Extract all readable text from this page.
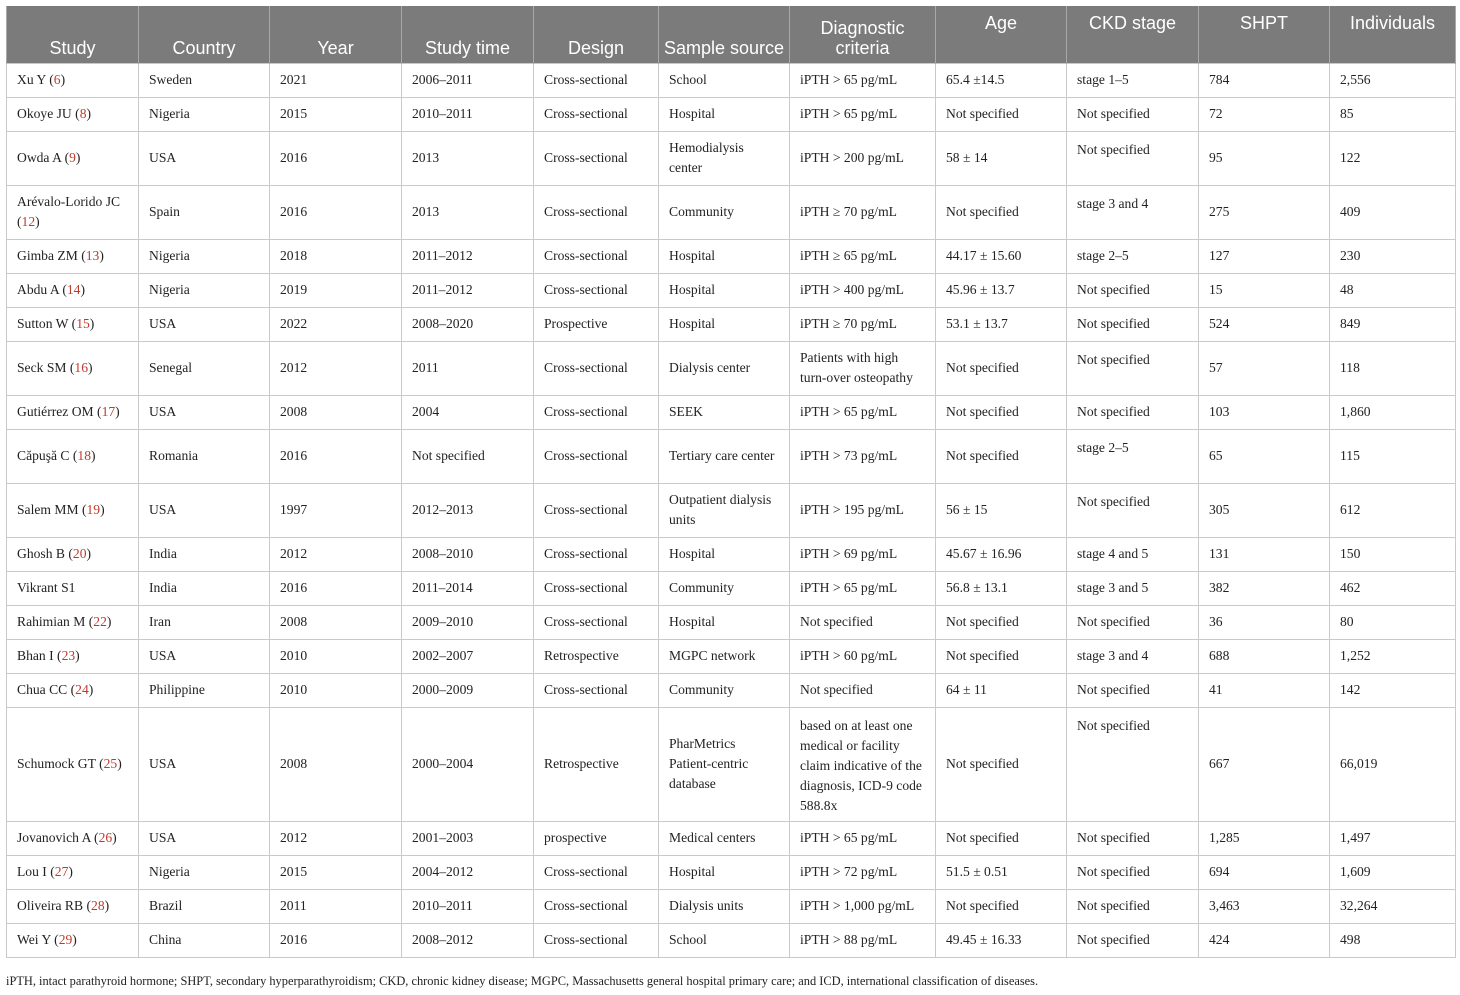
Study	Country	Year	Study time	Design	Sample source	Diagnostic criteria	Age	CKD stage	SHPT	Individuals
Xu Y (6)	Sweden	2021	2006–2011	Cross-sectional	School	iPTH > 65 pg/mL	65.4 ±14.5	stage 1–5	784	2,556
Okoye JU (8)	Nigeria	2015	2010–2011	Cross-sectional	Hospital	iPTH > 65 pg/mL	Not specified	Not specified	72	85
Owda A (9)	USA	2016	2013	Cross-sectional	Hemodialysis center	iPTH > 200 pg/mL	58 ± 14	Not specified	95	122
Arévalo-Lorido JC (12)	Spain	2016	2013	Cross-sectional	Community	iPTH ≥ 70 pg/mL	Not specified	stage 3 and 4	275	409
Gimba ZM (13)	Nigeria	2018	2011–2012	Cross-sectional	Hospital	iPTH ≥ 65 pg/mL	44.17 ± 15.60	stage 2–5	127	230
Abdu A (14)	Nigeria	2019	2011–2012	Cross-sectional	Hospital	iPTH > 400 pg/mL	45.96 ± 13.7	Not specified	15	48
Sutton W (15)	USA	2022	2008–2020	Prospective	Hospital	iPTH ≥ 70 pg/mL	53.1 ± 13.7	Not specified	524	849
Seck SM (16)	Senegal	2012	2011	Cross-sectional	Dialysis center	Patients with high turn-over osteopathy	Not specified	Not specified	57	118
Gutiérrez OM (17)	USA	2008	2004	Cross-sectional	SEEK	iPTH > 65 pg/mL	Not specified	Not specified	103	1,860
Căpuşă C (18)	Romania	2016	Not specified	Cross-sectional	Tertiary care center	iPTH > 73 pg/mL	Not specified	stage 2–5	65	115
Salem MM (19)	USA	1997	2012–2013	Cross-sectional	Outpatient dialysis units	iPTH > 195 pg/mL	56 ± 15	Not specified	305	612
Ghosh B (20)	India	2012	2008–2010	Cross-sectional	Hospital	iPTH > 69 pg/mL	45.67 ± 16.96	stage 4 and 5	131	150
Vikrant S1	India	2016	2011–2014	Cross-sectional	Community	iPTH > 65 pg/mL	56.8 ± 13.1	stage 3 and 5	382	462
Rahimian M (22)	Iran	2008	2009–2010	Cross-sectional	Hospital	Not specified	Not specified	Not specified	36	80
Bhan I (23)	USA	2010	2002–2007	Retrospective	MGPC network	iPTH > 60 pg/mL	Not specified	stage 3 and 4	688	1,252
Chua CC (24)	Philippine	2010	2000–2009	Cross-sectional	Community	Not specified	64 ± 11	Not specified	41	142
Schumock GT (25)	USA	2008	2000–2004	Retrospective	PharMetrics Patient-centric database	based on at least one medical or facility claim indicative of the diagnosis, ICD-9 code 588.8x	Not specified	Not specified	667	66,019
Jovanovich A (26)	USA	2012	2001–2003	prospective	Medical centers	iPTH > 65 pg/mL	Not specified	Not specified	1,285	1,497
Lou I (27)	Nigeria	2015	2004–2012	Cross-sectional	Hospital	iPTH > 72 pg/mL	51.5 ± 0.51	Not specified	694	1,609
Oliveira RB (28)	Brazil	2011	2010–2011	Cross-sectional	Dialysis units	iPTH > 1,000 pg/mL	Not specified	Not specified	3,463	32,264
Wei Y (29)	China	2016	2008–2012	Cross-sectional	School	iPTH > 88 pg/mL	49.45 ± 16.33	Not specified	424	498
iPTH, intact parathyroid hormone; SHPT, secondary hyperparathyroidism; CKD, chronic kidney disease; MGPC, Massachusetts general hospital primary care; and ICD, international classification of diseases.
